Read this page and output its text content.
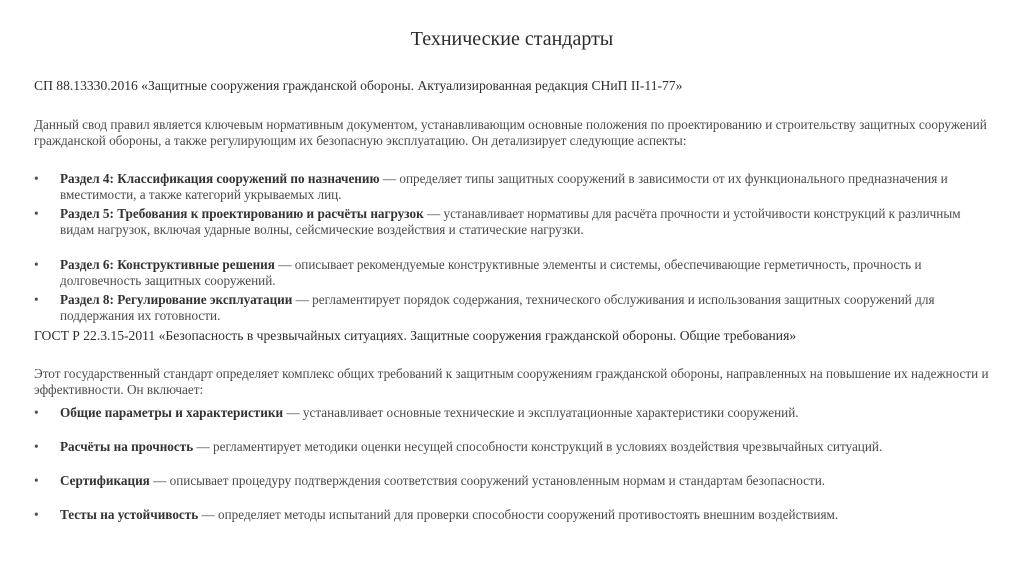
Технические стандарты
СП 88.13330.2016 «Защитные сооружения гражданской обороны. Актуализированная редакция СНиП II-11-77»
Данный свод правил является ключевым нормативным документом, устанавливающим основные положения по проектированию и строительству защитных сооружений гражданской обороны, а также регулирующим их безопасную эксплуатацию. Он детализирует следующие аспекты:
• Раздел 4: Классификация сооружений по назначению — определяет типы защитных сооружений в зависимости от их функционального предназначения и вместимости, а также категорий укрываемых лиц.
• Раздел 5: Требования к проектированию и расчёты нагрузок — устанавливает нормативы для расчёта прочности и устойчивости конструкций к различным видам нагрузок, включая ударные волны, сейсмические воздействия и статические нагрузки.
• Раздел 6: Конструктивные решения — описывает рекомендуемые конструктивные элементы и системы, обеспечивающие герметичность, прочность и долговечность защитных сооружений.
• Раздел 8: Регулирование эксплуатации — регламентирует порядок содержания, технического обслуживания и использования защитных сооружений для поддержания их готовности.
ГОСТ Р 22.3.15-2011 «Безопасность в чрезвычайных ситуациях. Защитные сооружения гражданской обороны. Общие требования»
Этот государственный стандарт определяет комплекс общих требований к защитным сооружениям гражданской обороны, направленных на повышение их надежности и эффективности. Он включает:
• Общие параметры и характеристики — устанавливает основные технические и эксплуатационные характеристики сооружений.
• Расчёты на прочность — регламентирует методики оценки несущей способности конструкций в условиях воздействия чрезвычайных ситуаций.
• Сертификация — описывает процедуру подтверждения соответствия сооружений установленным нормам и стандартам безопасности.
• Тесты на устойчивость — определяет методы испытаний для проверки способности сооружений противостоять внешним воздействиям.
